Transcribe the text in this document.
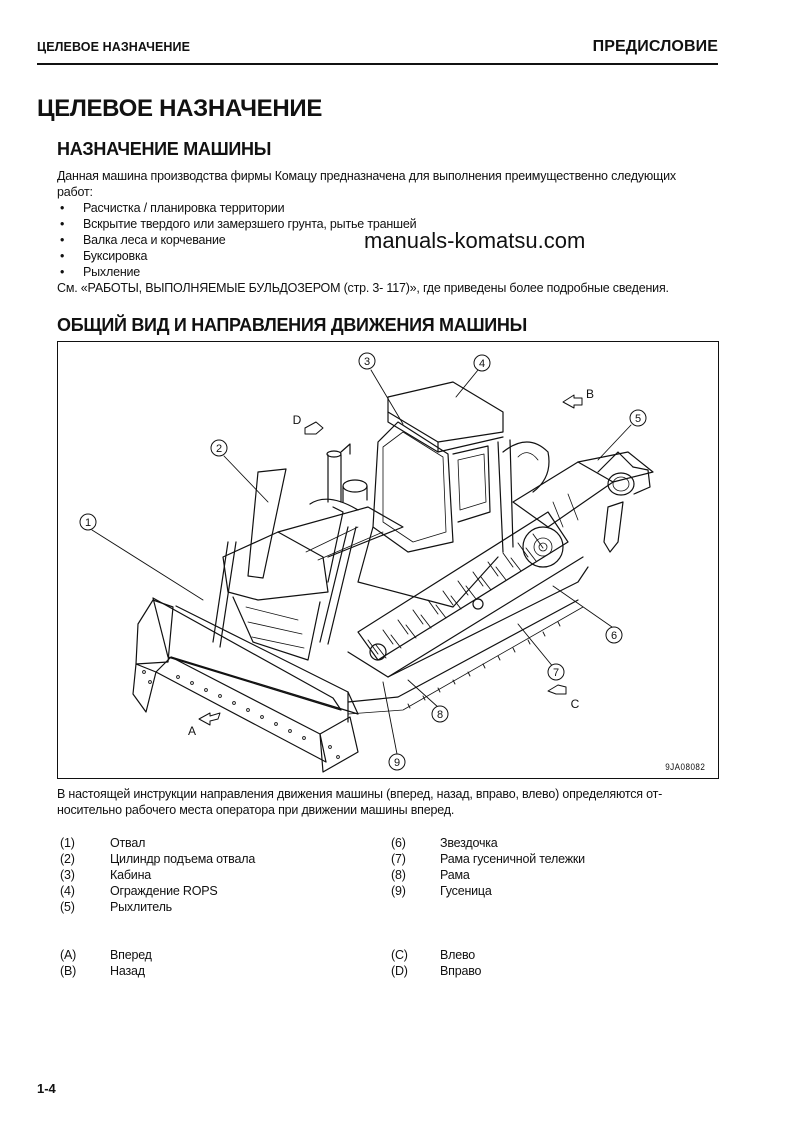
ЦЕЛЕВОЕ НАЗНАЧЕНИЕ	ПРЕДИСЛОВИЕ
ЦЕЛЕВОЕ НАЗНАЧЕНИЕ
НАЗНАЧЕНИЕ МАШИНЫ
Данная машина производства фирмы Комацу предназначена для выполнения преимущественно следующих
работ:
• Расчистка / планировка территории
• Вскрытие твердого или замерзшего грунта, рытье траншей
• Валка леса и корчевание
• Буксировка
• Рыхление
См. «РАБОТЫ, ВЫПОЛНЯЕМЫЕ БУЛЬДОЗЕРОМ (стр. 3- 117)», где приведены более подробные сведения.
manuals-komatsu.com
ОБЩИЙ ВИД И НАПРАВЛЕНИЯ ДВИЖЕНИЯ МАШИНЫ
1
2
3	4
5
6
7
8
9
A
B
C
D
9JA08082
В настоящей инструкции направления движения машины (вперед, назад, вправо, влево) определяются от-
носительно рабочего места оператора при движении машины вперед.
(1)	Отвал	(6)	Звездочка
(2)	Цилиндр подъема отвала	(7)	Рама гусеничной тележки
(3)	Кабина	(8)	Рама
(4)	Ограждение ROPS	(9)	Гусеница
(5)	Рыхлитель
(A)	Вперед	(C)	Влево
(B)	Назад	(D)	Вправо
1-4
